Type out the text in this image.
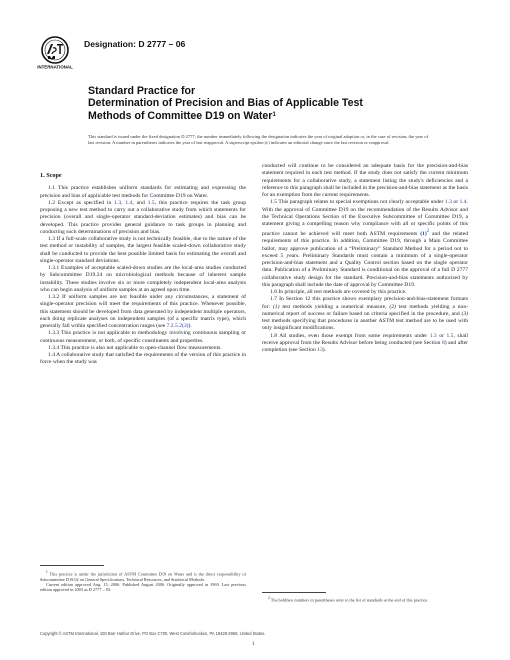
INTERNATIONAL
Designation: D 2777 – 06
Standard Practice for
Determination of Precision and Bias of Applicable Test
Methods of Committee D19 on Water$^1$
This standard is issued under the fixed designation D 2777; the number immediately following the designation indicates the year of original adoption or, in the case of revision, the year of last revision. A number in parentheses indicates the year of last reapproval. A superscript epsilon (ε) indicates an editorial change since the last revision or reapproval.
1. Scope

1.1 This practice establishes uniform standards for estimating and expressing the precision and bias of applicable test methods for Committee D19 on Water.

1.2 Except as specified in 1.3, 1.4, and 1.5, this practice requires the task group proposing a new test method to carry out a collaborative study from which statements for precision (overall and single-operator standard-deviation estimates) and bias can be developed. This practice provides general guidance to task groups in planning and conducting such determinations of precision and bias.

1.3 If a full-scale collaborative study is not technically feasible, due to the nature of the test method or instability of samples, the largest feasible scaled-down collaborative study shall be conducted to provide the best possible limited basis for estimating the overall and single-operator standard deviations.

1.3.1 Examples of acceptable scaled-down studies are the local-area studies conducted by Subcommittee D19.24 on microbiological methods because of inherent sample instability. These studies involve six or more completely independent local-area analysts who can begin analysis of uniform samples at an agreed upon time.

1.3.2 If uniform samples are not feasible under any circumstances, a statement of single-operator precision will meet the requirements of this practice. Whenever possible, this statement should be developed from data generated by independent multiple operators, each doing replicate analyses on independent samples (of a specific matrix type), which generally fall within specified concentration ranges (see 7.2.5.2(3)).

1.3.3 This practice is not applicable to methodology involving continuous sampling or continuous measurement, or both, of specific constituents and properties.

1.3.4 This practice is also not applicable to open-channel flow measurements.

1.4 A collaborative study that satisfied the requirements of the version of this practice in force when the study was

conducted will continue to be considered an adequate basis for the precision-and-bias statement required in each test method. If the study does not satisfy the current minimum requirements for a collaborative study, a statement listing the study's deficiencies and a reference to this paragraph shall be included in the precision-and-bias statement as the basis for an exemption from the current requirements.

1.5 This paragraph relates to special exemptions not clearly acceptable under 1.3 or 1.4. With the approval of Committee D19 on the recommendation of the Results Advisor and the Technical Operations Section of the Executive Subcommittee of Committee D19, a statement giving a compelling reason why compliance with all or specific points of this practice cannot be achieved will meet both ASTM requirements $(1)^2$ and the related requirements of this practice. In addition, Committee D19, through a Main Committee ballot, may approve publication of a “Preliminary” Standard Method for a period not to exceed 5 years. Preliminary Standards must contain a minimum of a single-operator precision-and-bias statement and a Quality Control section based on the single operator data. Publication of a Preliminary Standard is conditional on the approval of a full D 2777 collaborative study design for the standard. Precision-and-bias statements authorized by this paragraph shall include the date of approval by Committee D19.

1.6 In principle, all test methods are covered by this practice.

1.7 In Section 12 this practice shows exemplary precision-and-bias-statement formats for: (1) test methods yielding a numerical measure, (2) test methods yielding a non-numerical report of success or failure based on criteria specified in the procedure, and (3) test methods specifying that procedures in another ASTM test method are to be used with only insignificant modifications.

1.8 All studies, even those exempt from some requirements under 1.3 or 1.5, shall receive approval from the Results Advisor before being conducted (see Section 8) and after completion (see Section 13).

$^1$ This practice is under the jurisdiction of ASTM Committee D19 on Water and is the direct responsibility of Subcommittee D19.02 on General Specifications, Technical Resources, and Statistical Methods.

Current edition approved Aug. 15, 2006. Published August 2006. Originally approved in 1969. Last previous edition approved in 2003 as D 2777 – 03.

$^2$ The boldface numbers in parentheses refer to the list of standards at the end of this practice.

Copyright © ASTM International, 100 Barr Harbor Drive, PO Box C700, West Conshohocken, PA 19428-2959, United States.
1
